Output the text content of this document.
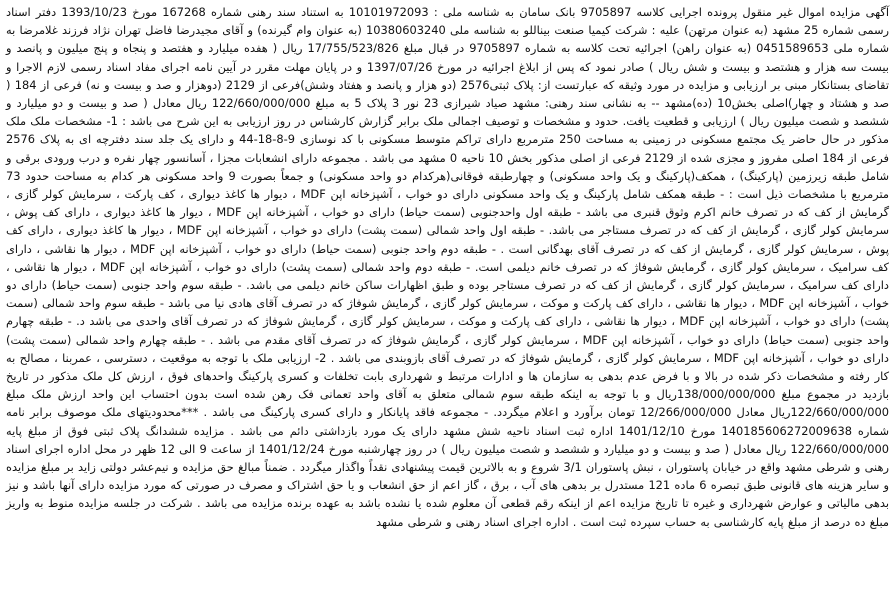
آگهی مزایده اموال غیر منقول پرونده اجرایی کلاسه 9705897 بانک سامان به شناسه ملی : 10101972093 به استناد سند رهنی شماره 167268 مورخ 1393/10/23 دفتر اسناد رسمی شماره 25 مشهد (به عنوان مرتهن) علیه : شرکت کیمیا صنعت بیناللو به شناسه ملی 10380603240 (به عنوان وام گیرنده) و آقای مجیدرضا فاضل تهران نژاد فرزند غلامرضا به شماره ملی 0451589653 (به عنوان راهن) اجرائیه تحت کلاسه به شماره 9705897 در قبال مبلغ 17/755/523/826 ریال ( هفده میلیارد و هفتصد و پنجاه و پنج میلیون و پانصد و بیست سه هزار و هشتصد و بیست و شش ریال ) صادر نمود که پس از ابلاغ اجرائیه در مورخ 1397/07/26 و در پایان مهلت مقرر در آیین نامه اجرای مفاد اسناد رسمی لازم الاجرا و تقاضای بستانکار مبنی بر ارزیابی و مزایده در مورد وثیقه که عبارتست از: پلاک ثبتی2576 (دو هزار و پانصد و هفتاد وشش)فرعی از 2129 (دوهزار و صد و بیست و نه) فرعی از 184 ( صد و هشتاد و چهار)اصلی بخش10 (ده)مشهد -- به نشانی سند رهنی: مشهد صیاد شیرازی 23 نور 3 پلاک 5 به مبلغ 122/660/000/000 ریال معادل ( صد و بیست و دو میلیارد و ششصد و شصت میلیون ریال ) ارزیابی و قطعیت یافت. حدود و مشخصات و توصیف اجمالی ملک برابر گزارش کارشناس در روز ارزیابی به این شرح می باشد : 1- مشخصات ملک ملک مذکور در حال حاضر یک مجتمع مسکونی در زمینی به مساحت 250 مترمربع دارای تراکم متوسط مسکونی با کد نوسازی 9-8-18-44 و دارای یک جلد سند دفترچه ای به پلاک 2576 فرعی از 184 اصلی مفروز و مجزی شده از 2129 فرعی از اصلی مذکور بخش 10 ناحیه 0 مشهد می باشد . مجموعه دارای انشعابات مجزا ، آسانسور چهار نفره و درب ورودی برقی و شامل طبقه زیرزمین (پارکینگ) ، همکف(پارکینگ و یک واحد مسکونی) و چهارطبقه فوقانی(هرکدام دو واحد مسکونی) و جمعاً بصورت 9 واحد مسکونی هر کدام به مساحت حدود 73 مترمربع با مشخصات ذیل است : - طبقه همکف شامل پارکینگ و یک واحد مسکونی دارای دو خواب ، آشپزخانه اپن MDF ، دیوار ها کاغذ دیواری ، کف پارکت ، سرمایش کولر گازی ، گرمایش از کف که در تصرف خانم اکرم وثوق قنبری می باشد - طبقه اول واحدجنوبی (سمت حیاط) دارای دو خواب ، آشپزخانه اپن MDF ، دیوار ها کاغذ دیواری ، دارای کف پوش ، سرمایش کولر گازی ، گرمایش از کف که در تصرف مستاجر می باشد. - طبقه اول واحد شمالی (سمت پشت) دارای دو خواب ، آشپزخانه اپن MDF ، دیوار ها کاغذ دیواری ، دارای کف پوش ، سرمایش کولر گازی ، گرمایش از کف که در تصرف آقای بهدگانی است . - طبقه دوم واحد جنوبی (سمت حیاط) دارای دو خواب ، آشپزخانه اپن MDF ، دیوار ها نقاشی ، دارای کف سرامیک ، سرمایش کولر گازی ، گرمایش شوفاژ که در تصرف خانم دیلمی است. - طبقه دوم واحد شمالی (سمت پشت) دارای دو خواب ، آشپزخانه اپن MDF ، دیوار ها نقاشی ، دارای کف سرامیک ، سرمایش کولر گازی ، گرمایش از کف که در تصرف مستاجر بوده و طبق اظهارات ساکن خانم دیلمی می باشد. - طبقه سوم واحد جنوبی (سمت حیاط) دارای دو خواب ، آشپزخانه اپن MDF ، دیوار ها نقاشی ، دارای کف پارکت و موکت ، سرمایش کولر گازی ، گرمایش شوفاژ که در تصرف آقای هادی نیا می باشد - طبقه سوم واحد شمالی (سمت پشت) دارای دو خواب ، آشپزخانه اپن MDF ، دیوار ها نقاشی ، دارای کف پارکت و موکت ، سرمایش کولر گازی ، گرمایش شوفاژ که در تصرف آقای واحدی می باشد د. - طبقه چهارم واحد جنوبی (سمت حیاط) دارای دو خواب ، آشپزخانه اپن MDF ، سرمایش کولر گازی ، گرمایش شوفاژ که در تصرف آقای مقدم می باشد . - طبقه چهارم واحد شمالی (سمت پشت) دارای دو خواب ، آشپزخانه اپن MDF ، سرمایش کولر گازی ، گرمایش شوفاژ که در تصرف آقای بازوبندی می باشد . 2- ارزیابی ملک با توجه به موقعیت ، دسترسی ، عمربنا ، مصالح به کار رفته و مشخصات ذکر شده در بالا و با فرض عدم بدهی به سازمان ها و ادارات مرتبط و شهرداری بابت تخلفات و کسری پارکینگ واحدهای فوق ، ارزش کل ملک مذکور در تاریخ بازدید در مجموع مبلغ 138/000/000/000ریال و با توجه به اینکه طبقه سوم شمالی متعلق به آقای واحد تعمانی فک رهن شده است بدون احتساب این واحد ارزش ملک مبلغ 122/660/000/000ریال معادل 12/266/000/000 تومان برآورد و اعلام میگردد. - مجموعه فاقد پایانکار و دارای کسری پارکینگ می باشد . ***محدودیتهای ملک موصوف برابر نامه شماره 140185606272009638 مورخ 1401/12/10 اداره ثبت اسناد ناحیه شش مشهد دارای یک مورد بازداشتی دائم می باشد . مزایده ششدانگ پلاک ثبتی فوق از مبلغ پایه 122/660/000/000 ریال معادل ( صد و بیست و دو میلیارد و ششصد و شصت میلیون ریال ) در روز چهارشنبه مورخ 1401/12/24 از ساعت 9 الی 12 ظهر در محل اداره اجرای اسناد رهنی و شرطی مشهد واقع در خیابان پاستوران ، نبش پاستوران 3/1 شروع و به بالاترین قیمت پیشنهادی نقداً واگذار میگردد . ضمناً مبالغ حق مزایده و نیم‌عشر دولتی زاید بر مبلغ مزایده و سایر هزینه های قانونی طبق تبصره 6 ماده 121 مستدرل بر بدهی های آب ، برق ، گاز اعم از حق انشعاب و یا حق اشتراک و مصرف در صورتی که مورد مزایده دارای آنها باشد و نیز بدهی مالیاتی و عوارض شهرداری و غیره تا تاریخ مزایده اعم از اینکه رقم قطعی آن معلوم شده یا نشده باشد به عهده برنده مزایده می باشد . شرکت در جلسه مزایده منوط به واریز مبلغ ده درصد از مبلغ پایه کارشناسی به حساب سپرده ثبت است . اداره اجرای اسناد رهنی و شرطی مشهد
